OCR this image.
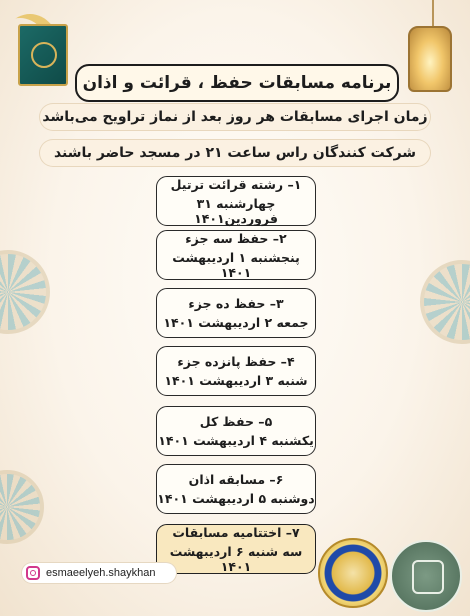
برنامه مسابقات حفظ ، قرائت و اذان
زمان اجرای مسابقات هر روز بعد از نماز تراویح می‌باشد
شرکت کنندگان راس ساعت ۲۱ در مسجد حاضر باشند
۱– رشته قرائت ترتیل
چهارشنبه ۳۱ فروردین۱۴۰۱
۲– حفظ سه جزء
پنجشنبه ۱ اردیبهشت ۱۴۰۱
۳– حفظ ده جزء
جمعه ۲ اردیبهشت ۱۴۰۱
۴– حفظ پانزده جزء
شنبه ۳ اردیبهشت ۱۴۰۱
۵– حفظ کل
یکشنبه ۴ اردیبهشت ۱۴۰۱
۶– مسابقه اذان
دوشنبه ۵ اردیبهشت ۱۴۰۱
۷– اختتامیه مسابقات
سه شنبه ۶ اردیبهشت ۱۴۰۱
esmaeelyeh.shaykhan
